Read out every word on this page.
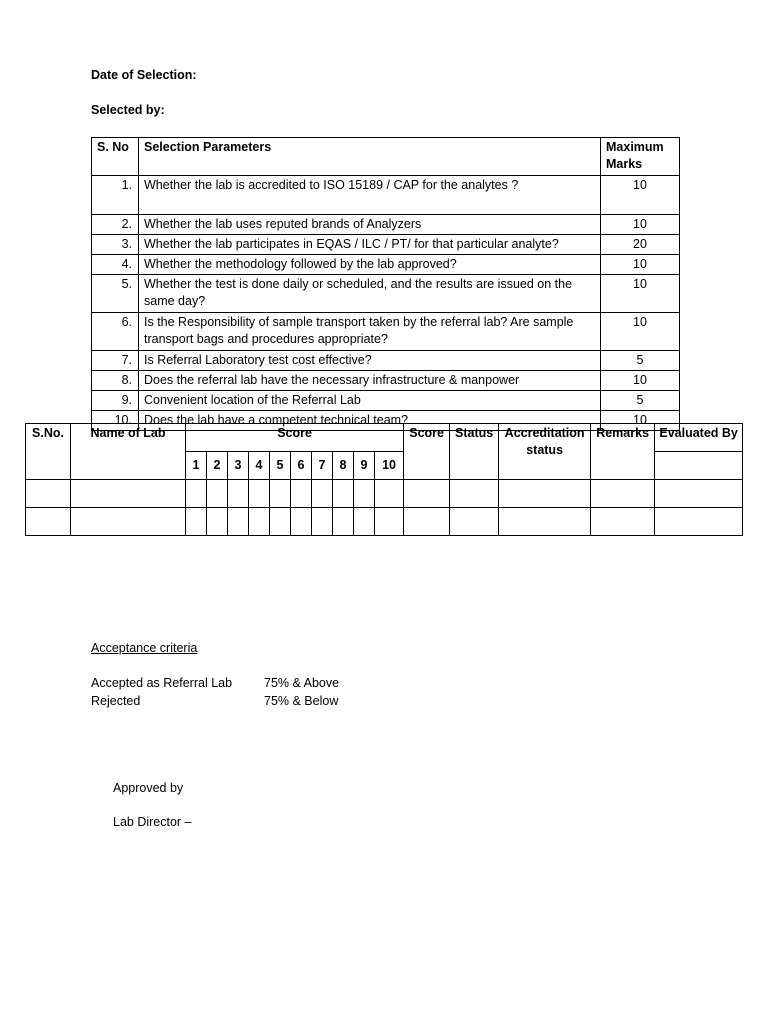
Date of Selection:
Selected by:
S. No	Selection Parameters	Maximum Marks
1.	Whether the lab is accredited to ISO 15189 / CAP for the analytes ?	10
2.	Whether the lab uses reputed brands of Analyzers	10
3.	Whether the lab participates in EQAS / ILC / PT/ for that particular analyte?	20
4.	Whether the methodology followed by the lab approved?	10
5.	Whether the test is done daily or scheduled, and the results are issued on the same day?	10
6.	Is the Responsibility of sample transport taken by the referral lab? Are sample transport bags and procedures appropriate?	10
7.	Is Referral Laboratory test cost effective?	5
8.	Does the referral lab have the necessary infrastructure & manpower	10
9.	Convenient location of the Referral Lab	5
10.	Does the lab have a competent technical team?	10
S.No.	Name of Lab	Score										Score	Status	Accreditation status	Remarks	Evaluated By
		1	2	3	4	5	6	7	8	9	10					

Acceptance criteria
Accepted as Referral Lab	75% & Above
Rejected	75% & Below
Approved by
Lab Director –
